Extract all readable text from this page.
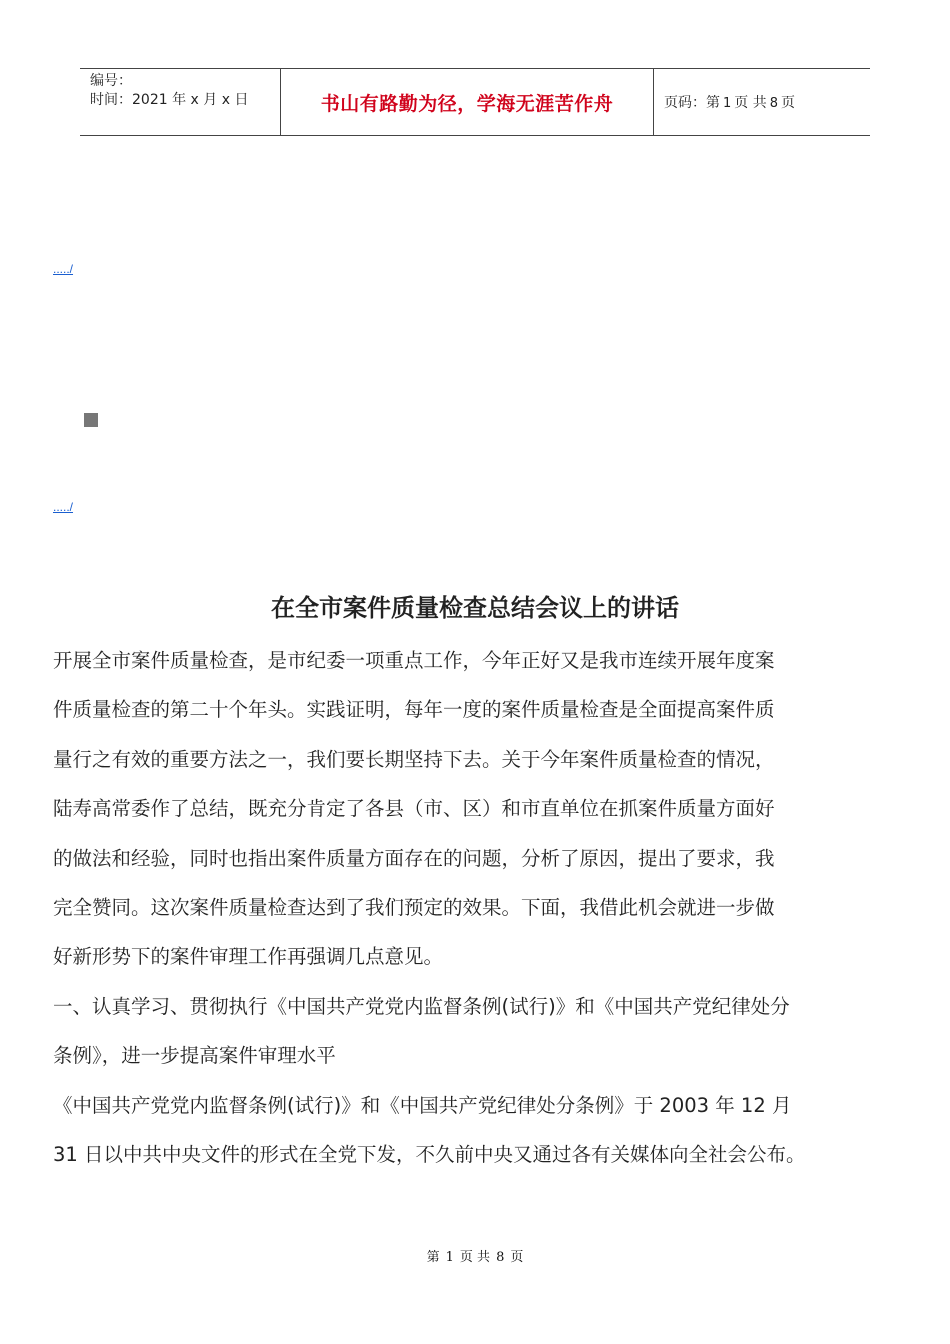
编号：
时间：2021 年 x 月 x 日	书山有路勤为径，学海无涯苦作舟	页码：第 1 页 共 8 页
...../
...../
在全市案件质量检查总结会议上的讲话
开展全市案件质量检查，是市纪委一项重点工作，今年正好又是我市连续开展年度案
件质量检查的第二十个年头。实践证明，每年一度的案件质量检查是全面提高案件质
量行之有效的重要方法之一，我们要长期坚持下去。关于今年案件质量检查的情况，
陆寿高常委作了总结，既充分肯定了各县（市、区）和市直单位在抓案件质量方面好
的做法和经验，同时也指出案件质量方面存在的问题，分析了原因，提出了要求，我
完全赞同。这次案件质量检查达到了我们预定的效果。下面，我借此机会就进一步做
好新形势下的案件审理工作再强调几点意见。
一、认真学习、贯彻执行《中国共产党党内监督条例(试行)》和《中国共产党纪律处分
条例》，进一步提高案件审理水平
《中国共产党党内监督条例(试行)》和《中国共产党纪律处分条例》于 2003 年 12 月
31 日以中共中央文件的形式在全党下发，不久前中央又通过各有关媒体向全社会公布。
第 1 页 共 8 页
